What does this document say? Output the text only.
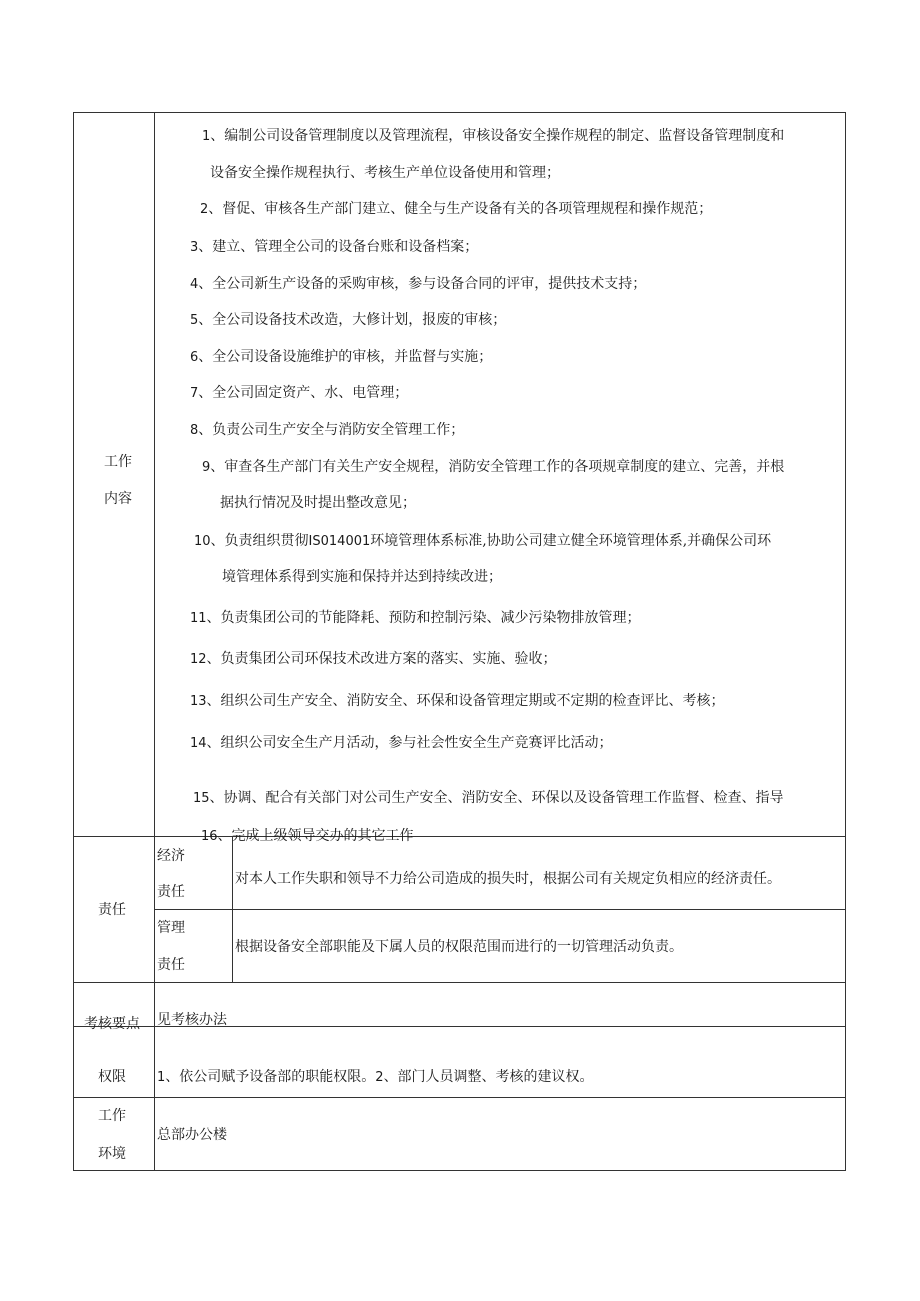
工作
内容
1、编制公司设备管理制度以及管理流程，审核设备安全操作规程的制定、监督设备管理制度和
设备安全操作规程执行、考核生产单位设备使用和管理；
2、督促、审核各生产部门建立、健全与生产设备有关的各项管理规程和操作规范；
3、建立、管理全公司的设备台账和设备档案；
4、全公司新生产设备的采购审核，参与设备合同的评审，提供技术支持；
5、全公司设备技术改造，大修计划，报废的审核；
6、全公司设备设施维护的审核，并监督与实施；
7、全公司固定资产、水、电管理；
8、负责公司生产安全与消防安全管理工作；
9、审查各生产部门有关生产安全规程，消防安全管理工作的各项规章制度的建立、完善，并根
据执行情况及时提出整改意见；
10、负责组织贯彻IS014001环境管理体系标准,协助公司建立健全环境管理体系,并确保公司环
境管理体系得到实施和保持并达到持续改进；
11、负责集团公司的节能降耗、预防和控制污染、减少污染物排放管理；
12、负责集团公司环保技术改进方案的落实、实施、验收；
13、组织公司生产安全、消防安全、环保和设备管理定期或不定期的检查评比、考核；
14、组织公司安全生产月活动，参与社会性安全生产竞赛评比活动；
15、协调、配合有关部门对公司生产安全、消防安全、环保以及设备管理工作监督、检查、指导
16、完成上级领导交办的其它工作
责任
经济
责任
对本人工作失职和领导不力给公司造成的损失时，根据公司有关规定负相应的经济责任。
管理
责任
根据设备安全部职能及下属人员的权限范围而进行的一切管理活动负责。
考核要点 见考核办法
权限 1、依公司赋予设备部的职能权限。2、部门人员调整、考核的建议权。
工作
环境
总部办公楼
